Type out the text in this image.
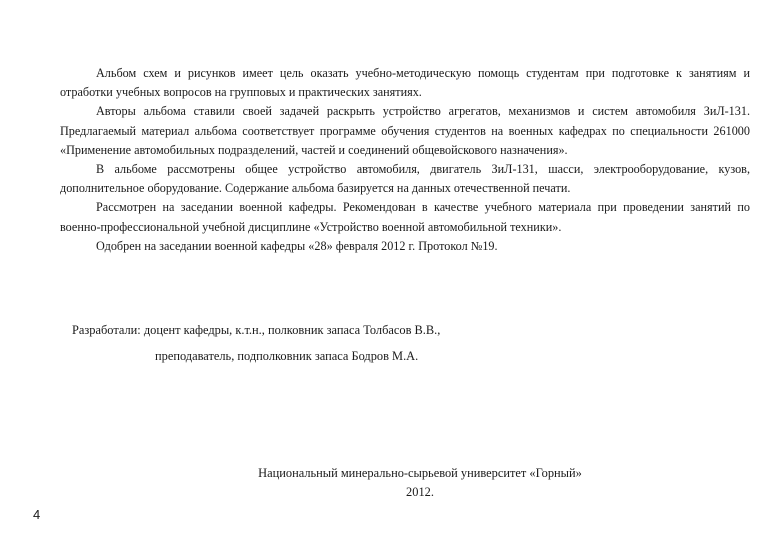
Альбом схем и рисунков имеет цель оказать учебно-методическую помощь студентам при подготовке к занятиям и отработки учебных вопросов на групповых и практических занятиях.

Авторы альбома ставили своей задачей раскрыть устройство агрегатов, механизмов и систем автомобиля ЗиЛ-131. Предлагаемый материал альбома соответствует программе обучения студентов на военных кафедрах по специальности 261000 «Применение автомобильных подразделений, частей и соединений общевойскового назначения».

В альбоме рассмотрены общее устройство автомобиля, двигатель ЗиЛ-131, шасси, электрооборудование, кузов, дополнительное оборудование. Содержание альбома базируется на данных отечественной печати.

Рассмотрен на заседании военной кафедры. Рекомендован в качестве учебного материала при проведении занятий по военно-профессиональной учебной дисциплине «Устройство военной автомобильной техники».

Одобрен на заседании военной кафедры «28» февраля 2012 г. Протокол №19.

Разработали: доцент кафедры, к.т.н., полковник запаса Толбасов В.В.,
преподаватель, подполковник запаса Бодров М.А.
Национальный минерально-сырьевой университет «Горный»
2012.
4
